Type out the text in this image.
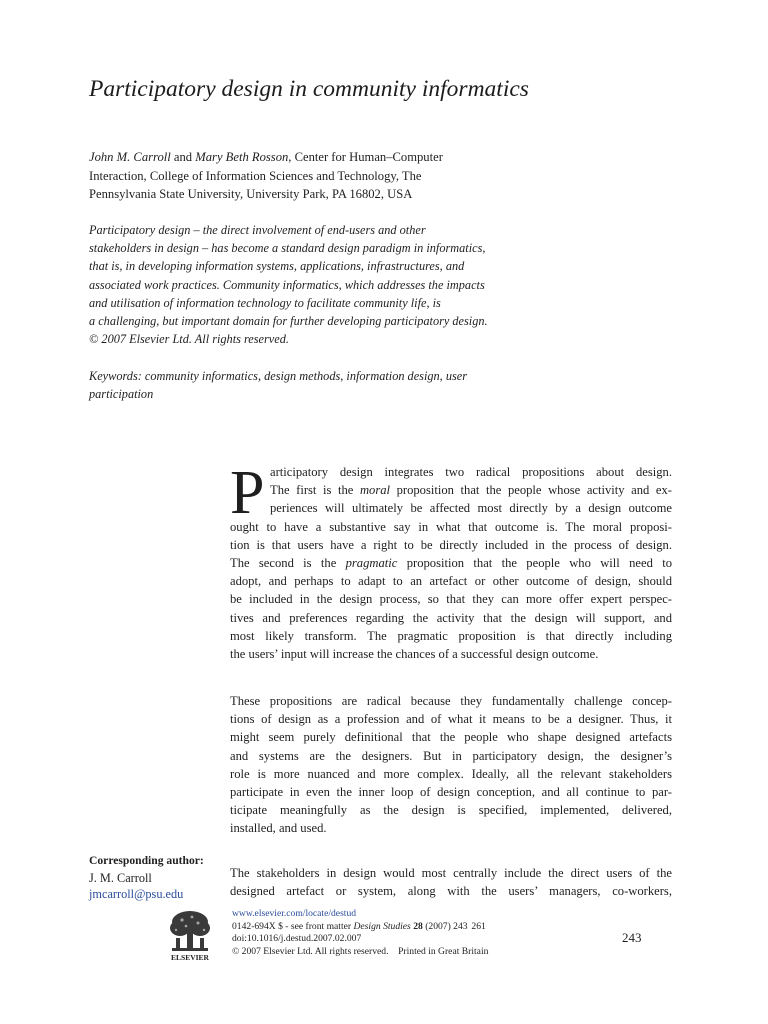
Participatory design in community informatics

John M. Carroll and Mary Beth Rosson, Center for Human–Computer
Interaction, College of Information Sciences and Technology, The
Pennsylvania State University, University Park, PA 16802, USA

Participatory design – the direct involvement of end-users and other
stakeholders in design – has become a standard design paradigm in informatics,
that is, in developing information systems, applications, infrastructures, and
associated work practices. Community informatics, which addresses the impacts
and utilisation of information technology to facilitate community life, is
a challenging, but important domain for further developing participatory design.
© 2007 Elsevier Ltd. All rights reserved.

Keywords: community informatics, design methods, information design, user
participation

P articipatory design integrates two radical propositions about design.
The first is the moral proposition that the people whose activity and ex-
periences will ultimately be affected most directly by a design outcome
ought to have a substantive say in what that outcome is. The moral proposi-
tion is that users have a right to be directly included in the process of design.
The second is the pragmatic proposition that the people who will need to
adopt, and perhaps to adapt to an artefact or other outcome of design, should
be included in the design process, so that they can more offer expert perspec-
tives and preferences regarding the activity that the design will support, and
most likely transform. The pragmatic proposition is that directly including
the users’ input will increase the chances of a successful design outcome.

These propositions are radical because they fundamentally challenge concep-
tions of design as a profession and of what it means to be a designer. Thus, it
might seem purely definitional that the people who shape designed artefacts
and systems are the designers. But in participatory design, the designer’s
role is more nuanced and more complex. Ideally, all the relevant stakeholders
participate in even the inner loop of design conception, and all continue to par-
ticipate meaningfully as the design is specified, implemented, delivered,
installed, and used.

Corresponding author:
J. M. Carroll
jmcarroll@psu.edu

The stakeholders in design would most centrally include the direct users of the
designed artefact or system, along with the users’ managers, co-workers,

ELSEVIER
www.elsevier.com/locate/destud
0142-694X $ - see front matter Design Studies 28 (2007) 243  261
doi:10.1016/j.destud.2007.02.007
© 2007 Elsevier Ltd. All rights reserved. Printed in Great Britain
243
